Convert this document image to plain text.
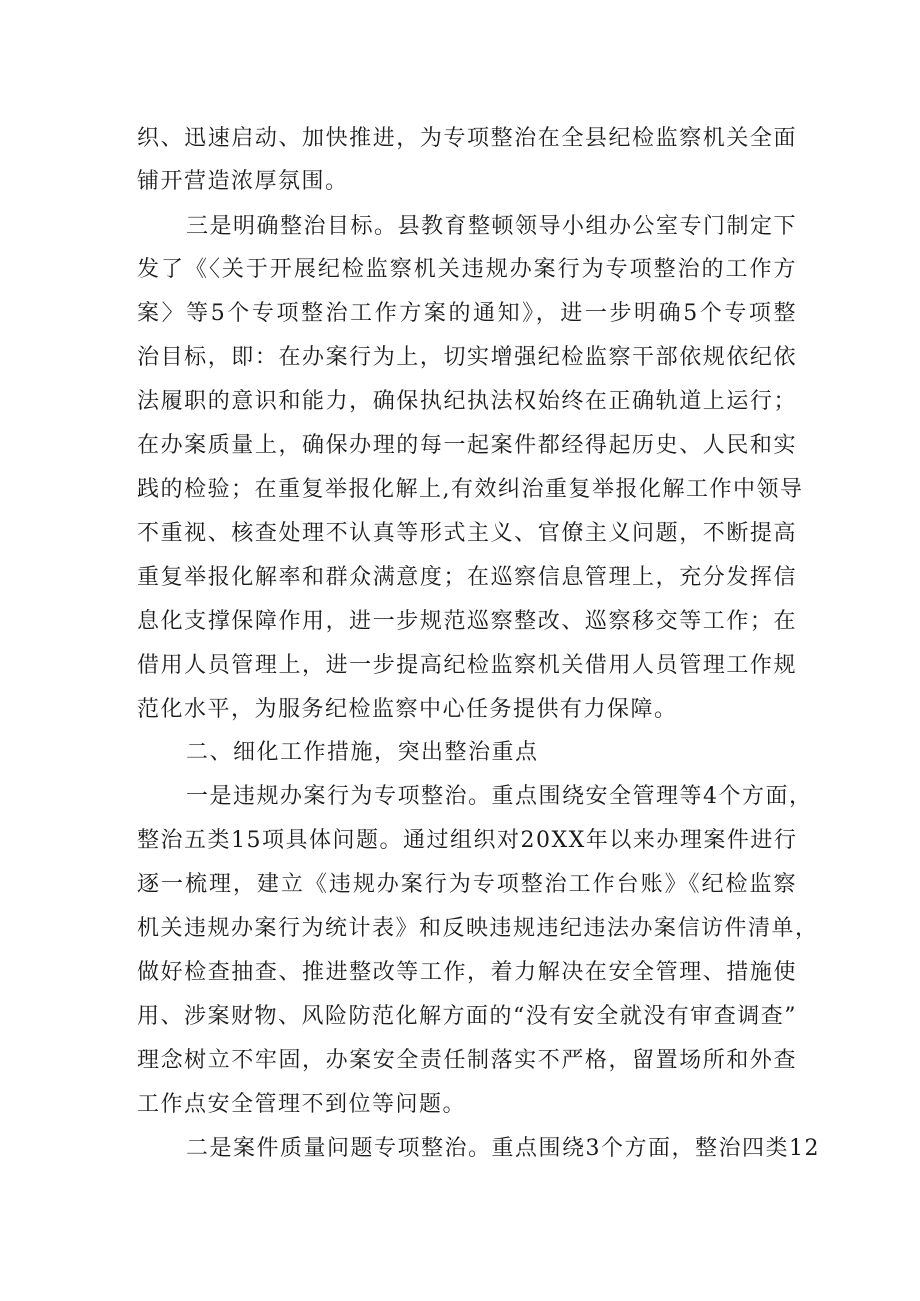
织、迅速启动、加快推进，为专项整治在全县纪检监察机关全面
铺开营造浓厚氛围。
三是明确整治目标。县教育整顿领导小组办公室专门制定下
发了《〈关于开展纪检监察机关违规办案行为专项整治的工作方
案〉等5个专项整治工作方案的通知》，进一步明确5个专项整
治目标，即：在办案行为上，切实增强纪检监察干部依规依纪依
法履职的意识和能力，确保执纪执法权始终在正确轨道上运行；
在办案质量上，确保办理的每一起案件都经得起历史、人民和实
践的检验；在重复举报化解上,有效纠治重复举报化解工作中领导
不重视、核查处理不认真等形式主义、官僚主义问题，不断提高
重复举报化解率和群众满意度；在巡察信息管理上，充分发挥信
息化支撑保障作用，进一步规范巡察整改、巡察移交等工作；在
借用人员管理上，进一步提高纪检监察机关借用人员管理工作规
范化水平，为服务纪检监察中心任务提供有力保障。
二、细化工作措施，突出整治重点
一是违规办案行为专项整治。重点围绕安全管理等4个方面，
整治五类15项具体问题。通过组织对20XX年以来办理案件进行
逐一梳理，建立《违规办案行为专项整治工作台账》《纪检监察
机关违规办案行为统计表》和反映违规违纪违法办案信访件清单，
做好检查抽查、推进整改等工作，着力解决在安全管理、措施使
用、涉案财物、风险防范化解方面的“没有安全就没有审查调查”
理念树立不牢固，办案安全责任制落实不严格，留置场所和外查
工作点安全管理不到位等问题。
二是案件质量问题专项整治。重点围绕3个方面，整治四类12
